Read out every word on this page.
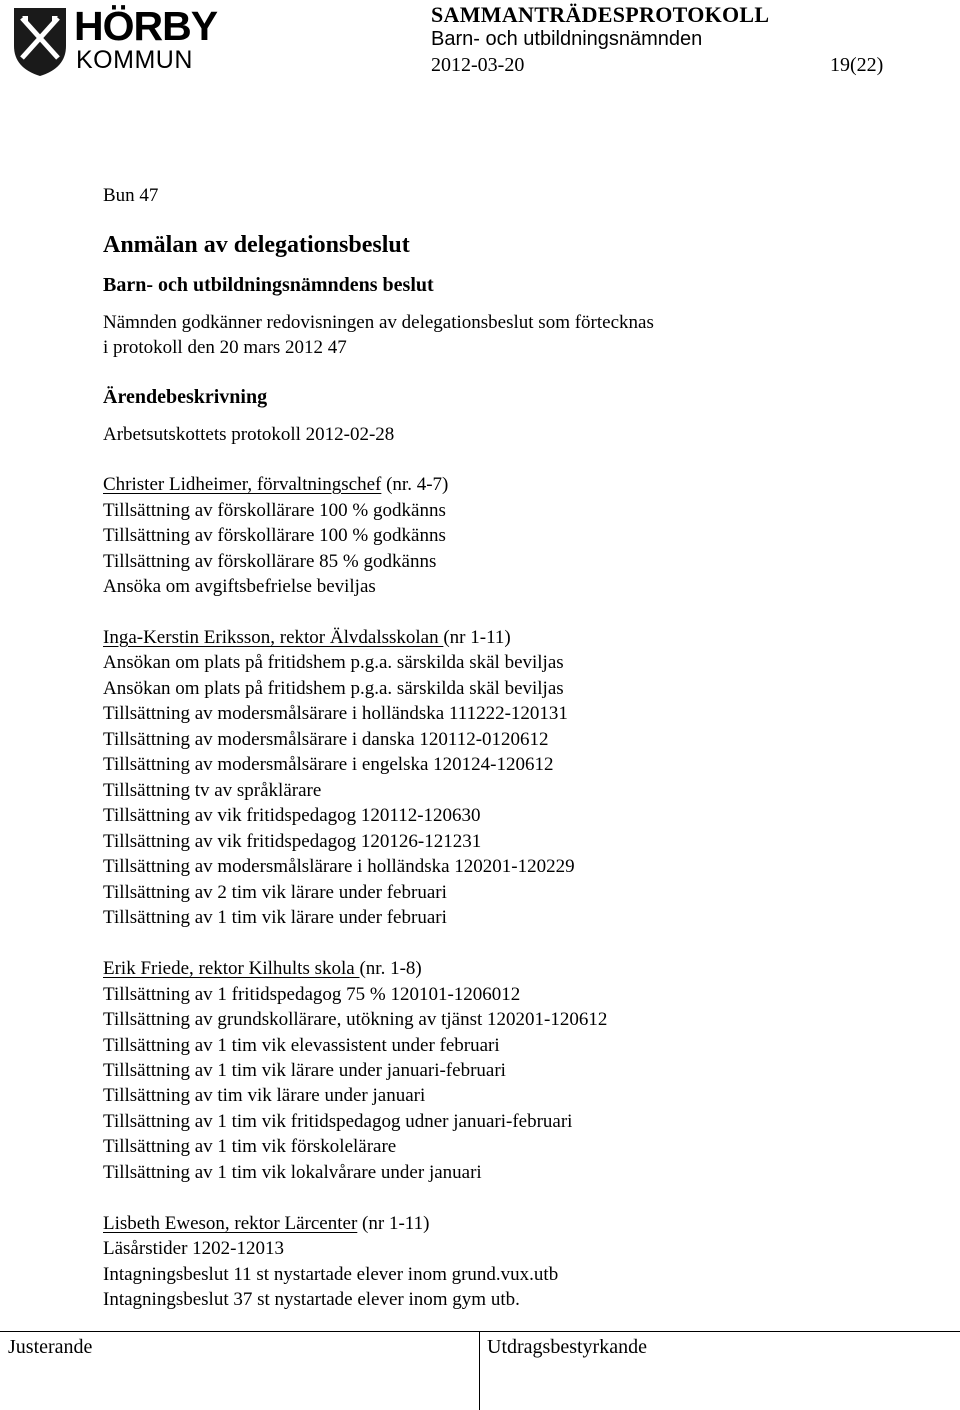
HÖRBY
KOMMUN
SAMMANTRÄDESPROTOKOLL
Barn- och utbildningsnämnden
2012-03-20	19(22)
Bun 47
Anmälan av delegationsbeslut
Barn- och utbildningsnämndens beslut
Nämnden godkänner redovisningen av delegationsbeslut som förtecknas
i protokoll den 20 mars 2012 47
Ärendebeskrivning
Arbetsutskottets protokoll 2012-02-28
Christer Lidheimer, förvaltningschef (nr. 4-7)
Tillsättning av förskollärare 100 % godkänns
Tillsättning av förskollärare 100 % godkänns
Tillsättning av förskollärare 85 % godkänns
Ansöka om avgiftsbefrielse beviljas
Inga-Kerstin Eriksson, rektor Älvdalsskolan (nr 1-11)
Ansökan om plats på fritidshem p.g.a. särskilda skäl beviljas
Ansökan om plats på fritidshem p.g.a. särskilda skäl beviljas
Tillsättning av modersmålsärare i holländska 111222-120131
Tillsättning av modersmålsärare i danska 120112-0120612
Tillsättning av modersmålsärare i engelska 120124-120612
Tillsättning tv av språklärare
Tillsättning av vik fritidspedagog 120112-120630
Tillsättning av vik fritidspedagog 120126-121231
Tillsättning av modersmålslärare i holländska 120201-120229
Tillsättning av 2 tim vik lärare under februari
Tillsättning av 1 tim vik lärare under februari
Erik Friede, rektor Kilhults skola (nr. 1-8)
Tillsättning av 1 fritidspedagog 75 % 120101-1206012
Tillsättning av grundskollärare, utökning av tjänst 120201-120612
Tillsättning av 1 tim vik elevassistent under februari
Tillsättning av 1 tim vik lärare under januari-februari
Tillsättning av tim vik lärare under januari
Tillsättning av 1 tim vik fritidspedagog udner januari-februari
Tillsättning av 1 tim vik förskolelärare
Tillsättning av 1 tim vik lokalvårare under januari
Lisbeth Eweson, rektor Lärcenter (nr 1-11)
Läsårstider 1202-12013
Intagningsbeslut 11 st nystartade elever inom grund.vux.utb
Intagningsbeslut 37 st nystartade elever inom gym utb.
Justerande	Utdragsbestyrkande
